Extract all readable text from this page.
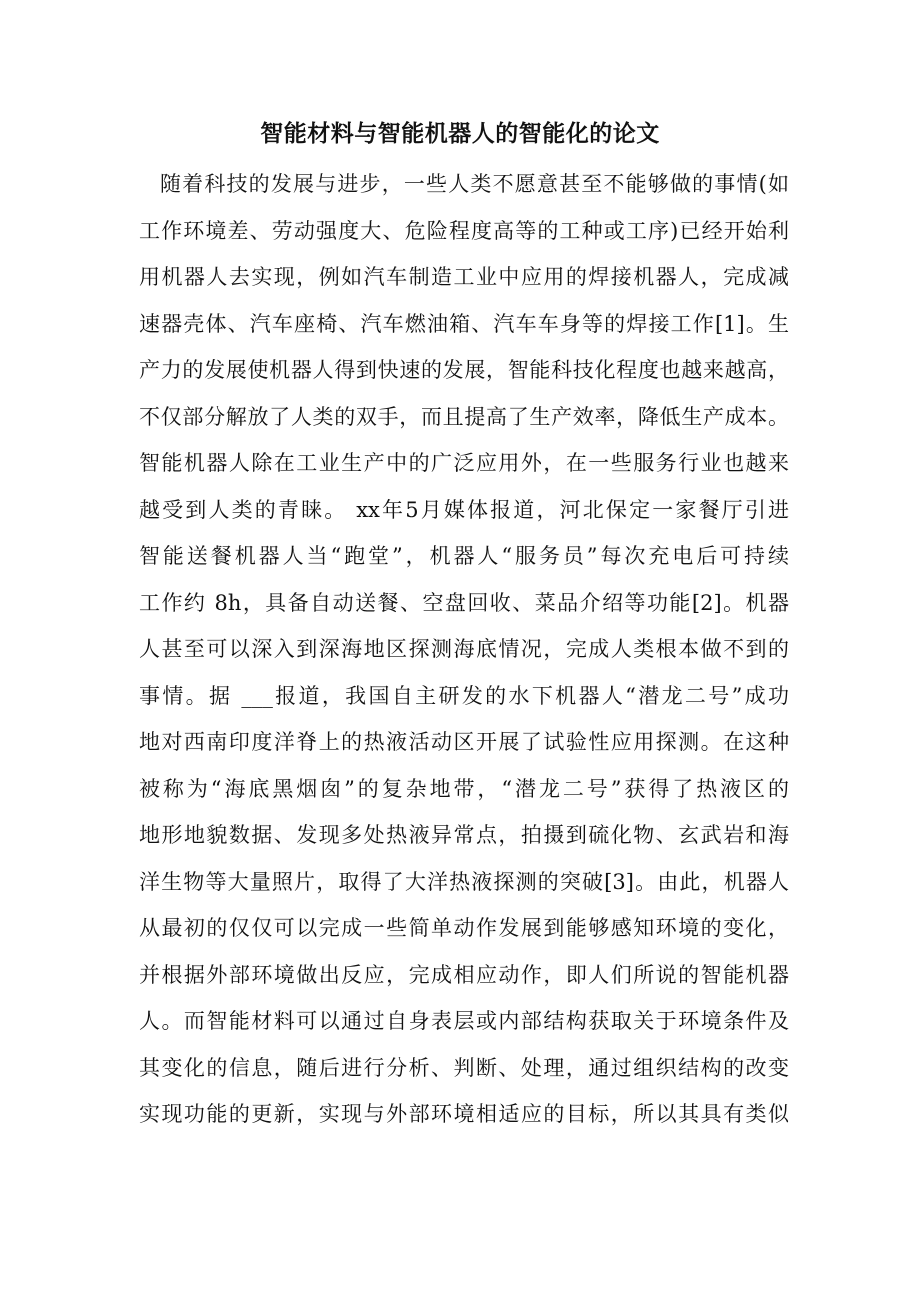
智能材料与智能机器人的智能化的论文
随着科技的发展与进步，一些人类不愿意甚至不能够做的事情(如
工作环境差、劳动强度大、危险程度高等的工种或工序)已经开始利
用机器人去实现，例如汽车制造工业中应用的焊接机器人，完成减
速器壳体、汽车座椅、汽车燃油箱、汽车车身等的焊接工作[1]。生
产力的发展使机器人得到快速的发展，智能科技化程度也越来越高，
不仅部分解放了人类的双手，而且提高了生产效率，降低生产成本。
智能机器人除在工业生产中的广泛应用外，在一些服务行业也越来
越受到人类的青睐。 xx年5月媒体报道，河北保定一家餐厅引进
智能送餐机器人当“跑堂”，机器人“服务员”每次充电后可持续
工作约 8h，具备自动送餐、空盘回收、菜品介绍等功能[2]。机器
人甚至可以深入到深海地区探测海底情况，完成人类根本做不到的
事情。据 ___报道，我国自主研发的水下机器人“潜龙二号”成功
地对西南印度洋脊上的热液活动区开展了试验性应用探测。在这种
被称为“海底黑烟囱”的复杂地带，“潜龙二号”获得了热液区的
地形地貌数据、发现多处热液异常点，拍摄到硫化物、玄武岩和海
洋生物等大量照片，取得了大洋热液探测的突破[3]。由此，机器人
从最初的仅仅可以完成一些简单动作发展到能够感知环境的变化，
并根据外部环境做出反应，完成相应动作，即人们所说的智能机器
人。而智能材料可以通过自身表层或内部结构获取关于环境条件及
其变化的信息，随后进行分析、判断、处理，通过组织结构的改变
实现功能的更新，实现与外部环境相适应的目标，所以其具有类似
